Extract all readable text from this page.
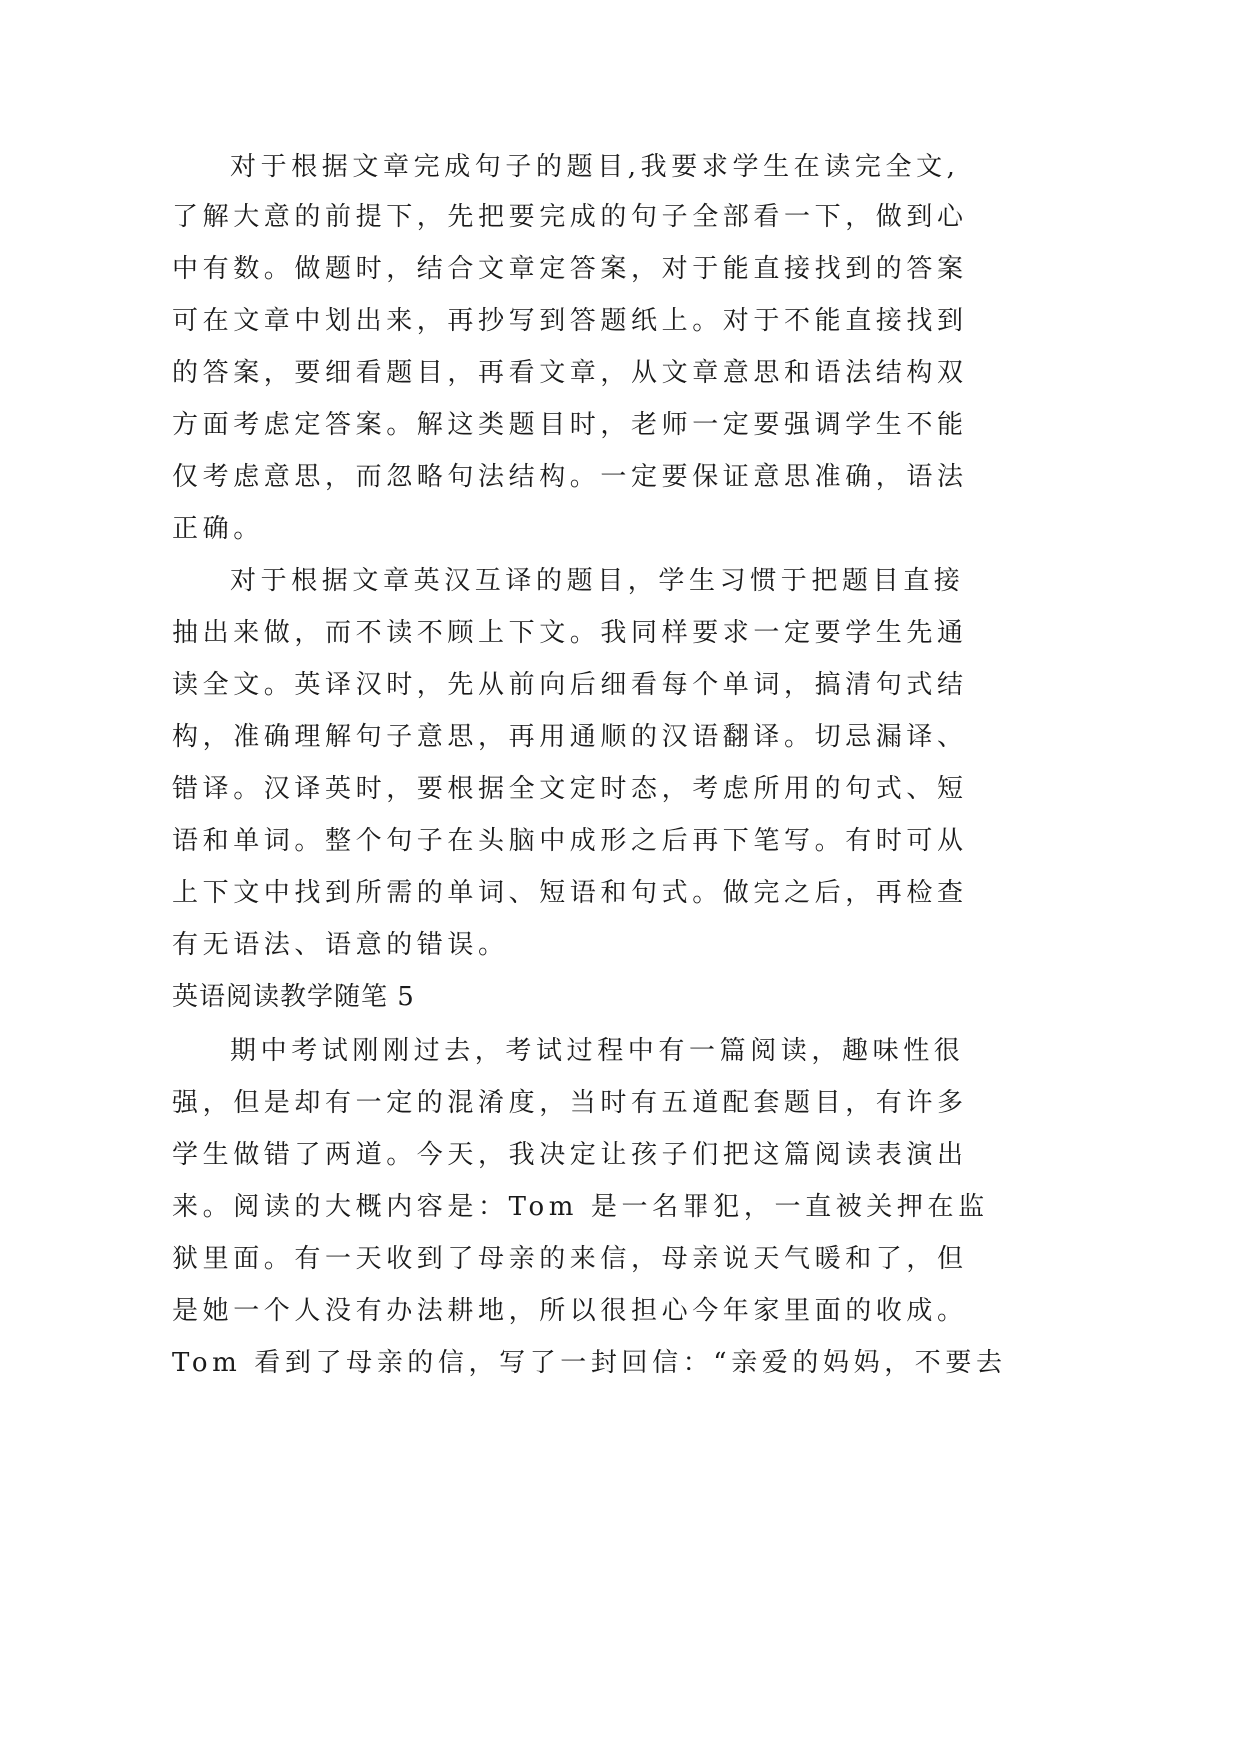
对于根据文章完成句子的题目,我要求学生在读完全文,
了解大意的前提下，先把要完成的句子全部看一下，做到心
中有数。做题时，结合文章定答案，对于能直接找到的答案
可在文章中划出来，再抄写到答题纸上。对于不能直接找到
的答案，要细看题目，再看文章，从文章意思和语法结构双
方面考虑定答案。解这类题目时，老师一定要强调学生不能
仅考虑意思，而忽略句法结构。一定要保证意思准确，语法
正确。
对于根据文章英汉互译的题目，学生习惯于把题目直接
抽出来做，而不读不顾上下文。我同样要求一定要学生先通
读全文。英译汉时，先从前向后细看每个单词，搞清句式结
构，准确理解句子意思，再用通顺的汉语翻译。切忌漏译、
错译。汉译英时，要根据全文定时态，考虑所用的句式、短
语和单词。整个句子在头脑中成形之后再下笔写。有时可从
上下文中找到所需的单词、短语和句式。做完之后，再检查
有无语法、语意的错误。
英语阅读教学随笔 5
期中考试刚刚过去，考试过程中有一篇阅读，趣味性很
强，但是却有一定的混淆度，当时有五道配套题目，有许多
学生做错了两道。今天，我决定让孩子们把这篇阅读表演出
来。阅读的大概内容是：Tom 是一名罪犯，一直被关押在监
狱里面。有一天收到了母亲的来信，母亲说天气暖和了，但
是她一个人没有办法耕地，所以很担心今年家里面的收成。
Tom 看到了母亲的信，写了一封回信：“亲爱的妈妈，不要去
